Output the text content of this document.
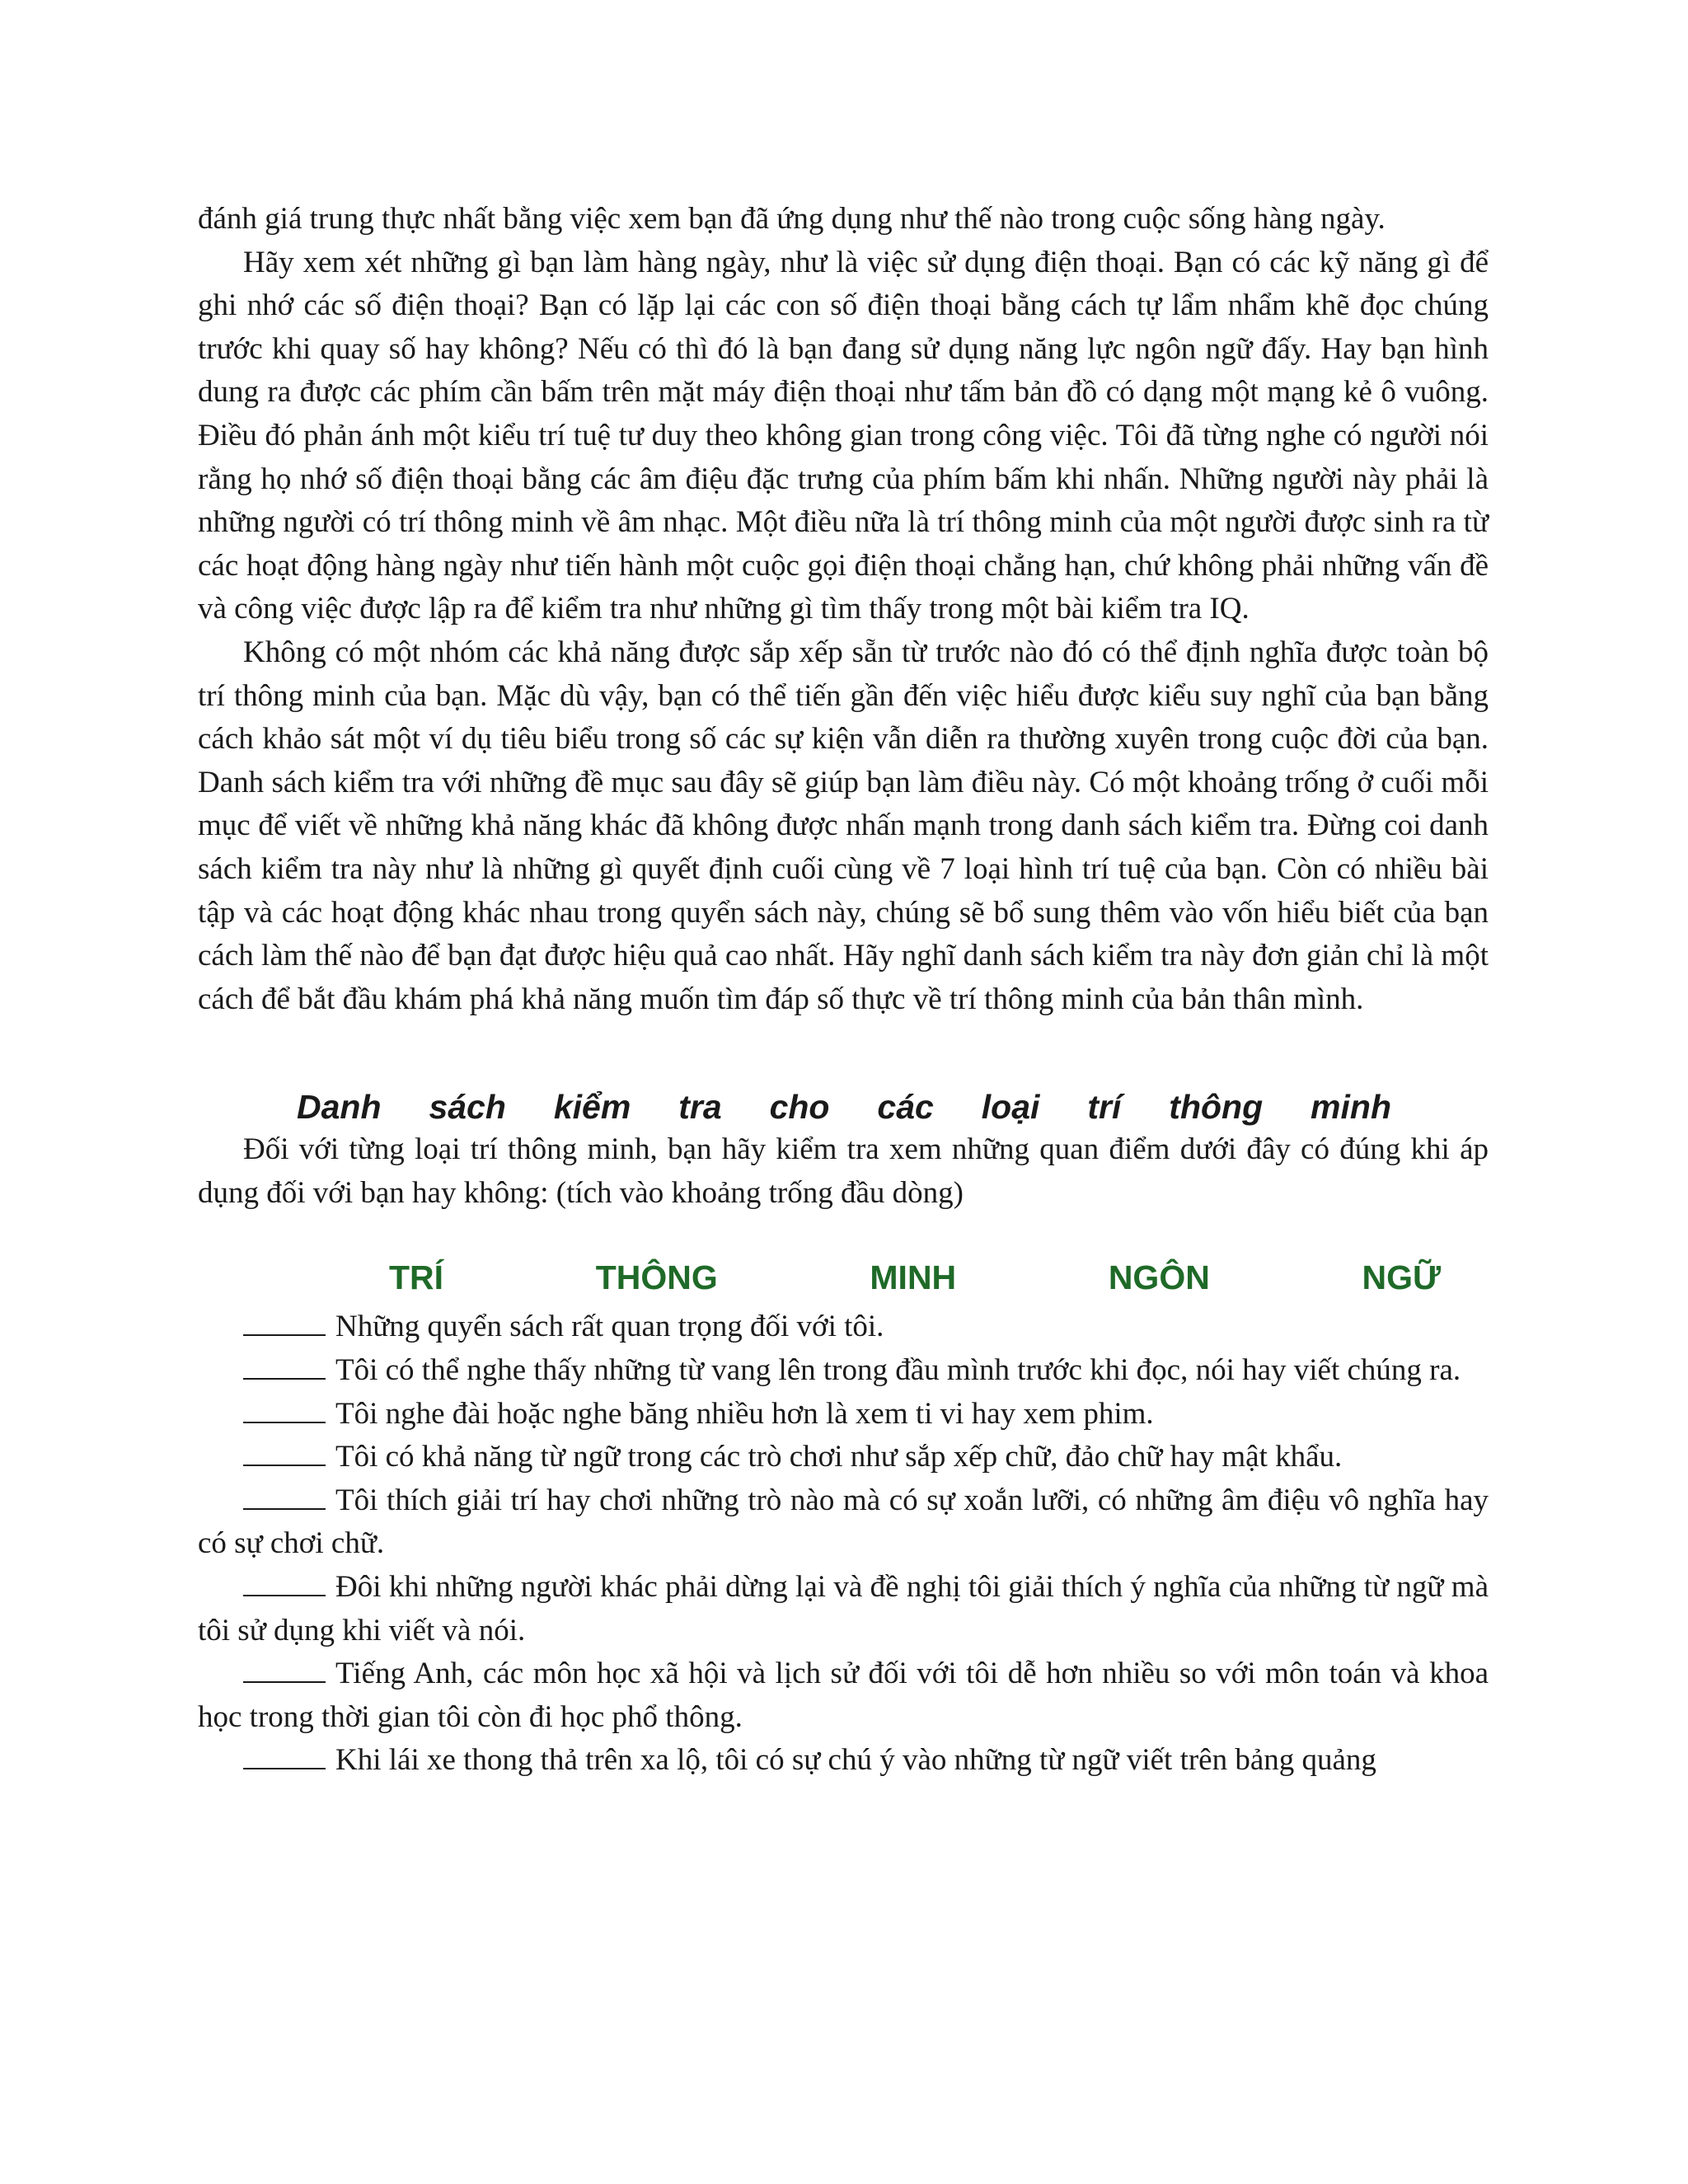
đánh giá trung thực nhất bằng việc xem bạn đã ứng dụng như thế nào trong cuộc sống hàng ngày.

Hãy xem xét những gì bạn làm hàng ngày, như là việc sử dụng điện thoại. Bạn có các kỹ năng gì để ghi nhớ các số điện thoại? Bạn có lặp lại các con số điện thoại bằng cách tự lẩm nhẩm khẽ đọc chúng trước khi quay số hay không? Nếu có thì đó là bạn đang sử dụng năng lực ngôn ngữ đấy. Hay bạn hình dung ra được các phím cần bấm trên mặt máy điện thoại như tấm bản đồ có dạng một mạng kẻ ô vuông. Điều đó phản ánh một kiểu trí tuệ tư duy theo không gian trong công việc. Tôi đã từng nghe có người nói rằng họ nhớ số điện thoại bằng các âm điệu đặc trưng của phím bấm khi nhấn. Những người này phải là những người có trí thông minh về âm nhạc. Một điều nữa là trí thông minh của một người được sinh ra từ các hoạt động hàng ngày như tiến hành một cuộc gọi điện thoại chẳng hạn, chứ không phải những vấn đề và công việc được lập ra để kiểm tra như những gì tìm thấy trong một bài kiểm tra IQ.

Không có một nhóm các khả năng được sắp xếp sẵn từ trước nào đó có thể định nghĩa được toàn bộ trí thông minh của bạn. Mặc dù vậy, bạn có thể tiến gần đến việc hiểu được kiểu suy nghĩ của bạn bằng cách khảo sát một ví dụ tiêu biểu trong số các sự kiện vẫn diễn ra thường xuyên trong cuộc đời của bạn. Danh sách kiểm tra với những đề mục sau đây sẽ giúp bạn làm điều này. Có một khoảng trống ở cuối mỗi mục để viết về những khả năng khác đã không được nhấn mạnh trong danh sách kiểm tra. Đừng coi danh sách kiểm tra này như là những gì quyết định cuối cùng về 7 loại hình trí tuệ của bạn. Còn có nhiều bài tập và các hoạt động khác nhau trong quyển sách này, chúng sẽ bổ sung thêm vào vốn hiểu biết của bạn cách làm thế nào để bạn đạt được hiệu quả cao nhất. Hãy nghĩ danh sách kiểm tra này đơn giản chỉ là một cách để bắt đầu khám phá khả năng muốn tìm đáp số thực về trí thông minh của bản thân mình.

Danh sách kiểm tra cho các loại trí thông minh

Đối với từng loại trí thông minh, bạn hãy kiểm tra xem những quan điểm dưới đây có đúng khi áp dụng đối với bạn hay không: (tích vào khoảng trống đầu dòng)

TRÍ THÔNG MINH NGÔN NGỮ
Những quyển sách rất quan trọng đối với tôi.
Tôi có thể nghe thấy những từ vang lên trong đầu mình trước khi đọc, nói hay viết chúng ra.
Tôi nghe đài hoặc nghe băng nhiều hơn là xem ti vi hay xem phim.
Tôi có khả năng từ ngữ trong các trò chơi như sắp xếp chữ, đảo chữ hay mật khẩu.
Tôi thích giải trí hay chơi những trò nào mà có sự xoắn lưỡi, có những âm điệu vô nghĩa hay có sự chơi chữ.
Đôi khi những người khác phải dừng lại và đề nghị tôi giải thích ý nghĩa của những từ ngữ mà tôi sử dụng khi viết và nói.
Tiếng Anh, các môn học xã hội và lịch sử đối với tôi dễ hơn nhiều so với môn toán và khoa học trong thời gian tôi còn đi học phổ thông.
Khi lái xe thong thả trên xa lộ, tôi có sự chú ý vào những từ ngữ viết trên bảng quảng
